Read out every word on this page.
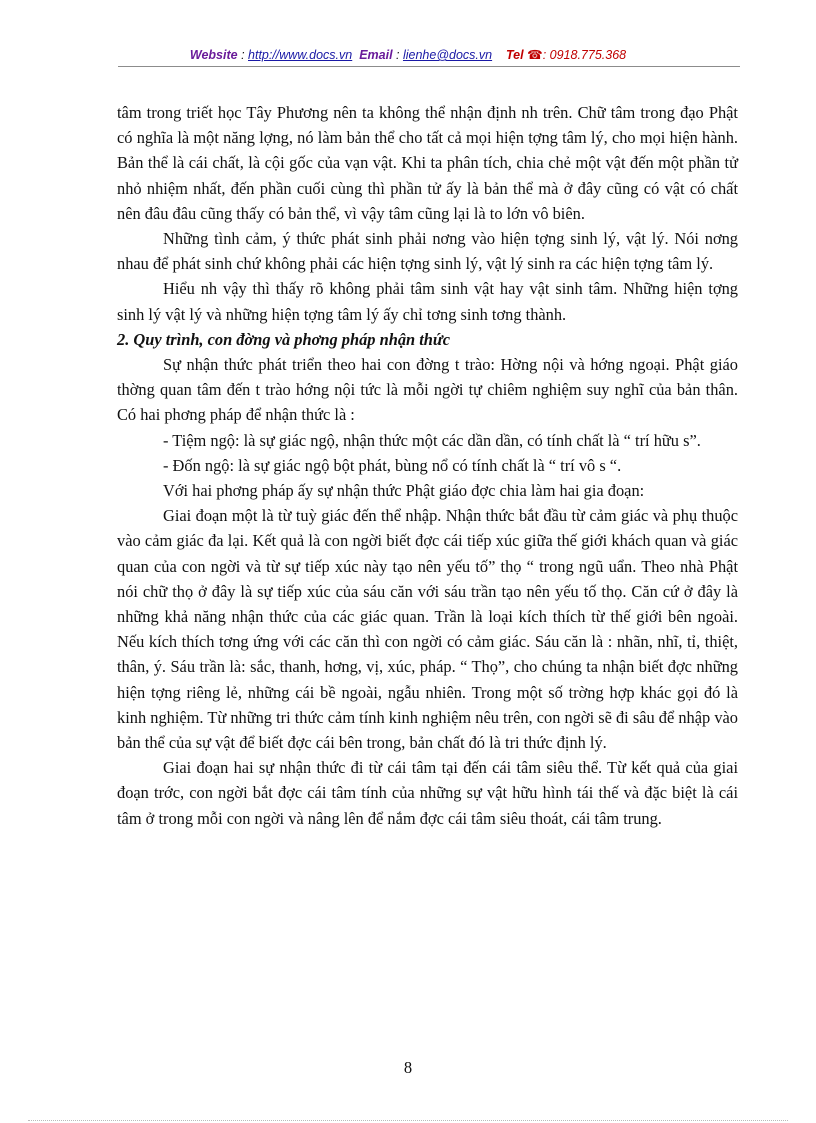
Website : http://www.docs.vn Email : lienhe@docs.vn Tel ☎: 0918.775.368

tâm trong triết học Tây Phương nên ta không thể nhận định nh trên. Chữ tâm trong đạo Phật có nghĩa là một năng lợng, nó làm bản thể cho tất cả mọi hiện tợng tâm lý, cho mọi hiện hành. Bản thể là cái chất, là cội gốc của vạn vật. Khi ta phân tích, chia chẻ một vật đến một phần tử nhỏ nhiệm nhất, đến phần cuối cùng thì phần tử ấy là bản thể mà ở đây cũng có vật có chất nên đâu đâu cũng thấy có bản thể, vì vậy tâm cũng lại là to lớn vô biên.

Những tình cảm, ý thức phát sinh phải nơng vào hiện tợng sinh lý, vật lý. Nói nơng nhau để phát sinh chứ không phải các hiện tợng sinh lý, vật lý sinh ra các hiện tợng tâm lý.

Hiểu nh vậy thì thấy rõ không phải tâm sinh vật hay vật sinh tâm. Những hiện tợng sinh lý vật lý và những hiện tợng tâm lý ấy chỉ tơng sinh tơng thành.

2. Quy trình, con đờng và phơng pháp nhận thức

Sự nhận thức phát triển theo hai con đờng t trào: Hờng nội và hớng ngoại. Phật giáo thờng quan tâm đến t trào hớng nội tức là mỗi ngời tự chiêm nghiệm suy nghĩ của bản thân. Có hai phơng pháp để nhận thức là :

- Tiệm ngộ: là sự giác ngộ, nhận thức một các dần dần, có tính chất là “ trí hữu s”.

- Đốn ngộ: là sự giác ngộ bột phát, bùng nổ có tính chất là “ trí vô s “.

Với hai phơng pháp ấy sự nhận thức Phật giáo đợc chia làm hai gia đoạn:

Giai đoạn một là từ tuỳ giác đến thể nhập. Nhận thức bắt đầu từ cảm giác và phụ thuộc vào cảm giác đa lại. Kết quả là con ngời biết đợc cái tiếp xúc giữa thế giới khách quan và giác quan của con ngời và từ sự tiếp xúc này tạo nên yếu tố” thọ “ trong ngũ uẩn. Theo nhà Phật nói chữ thọ ở đây là sự tiếp xúc của sáu căn với sáu trần tạo nên yếu tố thọ. Căn cứ ở đây là những khả năng nhận thức của các giác quan. Trần là loại kích thích từ thế giới bên ngoài. Nếu kích thích tơng ứng với các căn thì con ngời có cảm giác. Sáu căn là : nhãn, nhĩ, tỉ, thiệt, thân, ý. Sáu trần là: sắc, thanh, hơng, vị, xúc, pháp. “ Thọ”, cho chúng ta nhận biết đợc những hiện tợng riêng lẻ, những cái bề ngoài, ngẫu nhiên. Trong một số trờng hợp khác gọi đó là kinh nghiệm. Từ những tri thức cảm tính kinh nghiệm nêu trên, con ngời sẽ đi sâu để nhập vào bản thể của sự vật để biết đợc cái bên trong, bản chất đó là tri thức định lý.

Giai đoạn hai sự nhận thức đi từ cái tâm tại đến cái tâm siêu thể. Từ kết quả của giai đoạn trớc, con ngời bắt đợc cái tâm tính của những sự vật hữu hình tái thế và đặc biệt là cái tâm ở trong mỗi con ngời và nâng lên để nắm đợc cái tâm siêu thoát, cái tâm trung.

8
